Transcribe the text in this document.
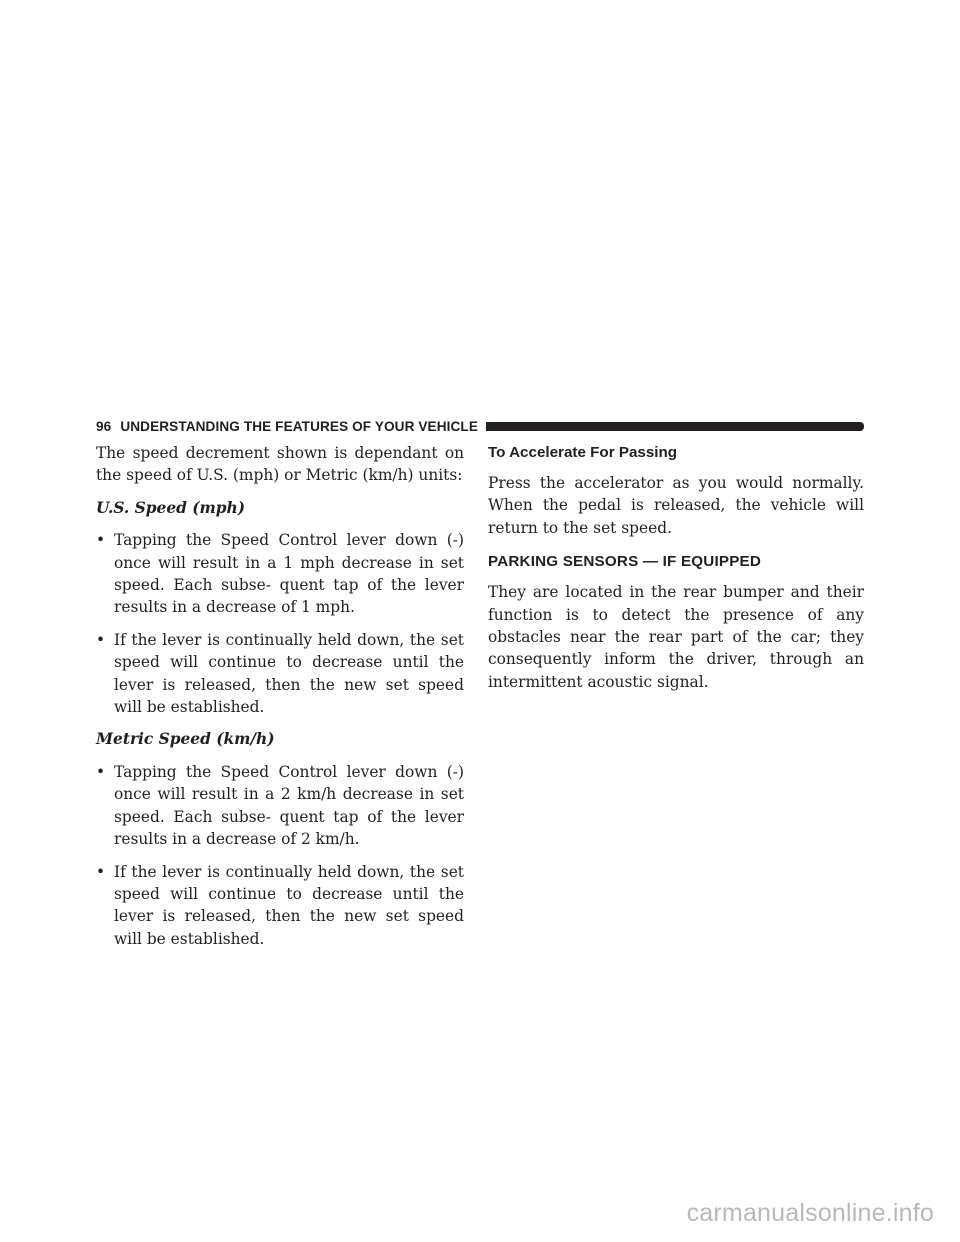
96 UNDERSTANDING THE FEATURES OF YOUR VEHICLE

The speed decrement shown is dependant on the speed of U.S. (mph) or Metric (km/h) units:

U.S. Speed (mph)

• Tapping the Speed Control lever down (-) once will result in a 1 mph decrease in set speed. Each subse- quent tap of the lever results in a decrease of 1 mph.

• If the lever is continually held down, the set speed will continue to decrease until the lever is released, then the new set speed will be established.

Metric Speed (km/h)

• Tapping the Speed Control lever down (-) once will result in a 2 km/h decrease in set speed. Each subse- quent tap of the lever results in a decrease of 2 km/h.

• If the lever is continually held down, the set speed will continue to decrease until the lever is released, then the new set speed will be established.

To Accelerate For Passing

Press the accelerator as you would normally. When the pedal is released, the vehicle will return to the set speed.

PARKING SENSORS — IF EQUIPPED

They are located in the rear bumper and their function is to detect the presence of any obstacles near the rear part of the car; they consequently inform the driver, through an intermittent acoustic signal.

carmanualsonline.info
